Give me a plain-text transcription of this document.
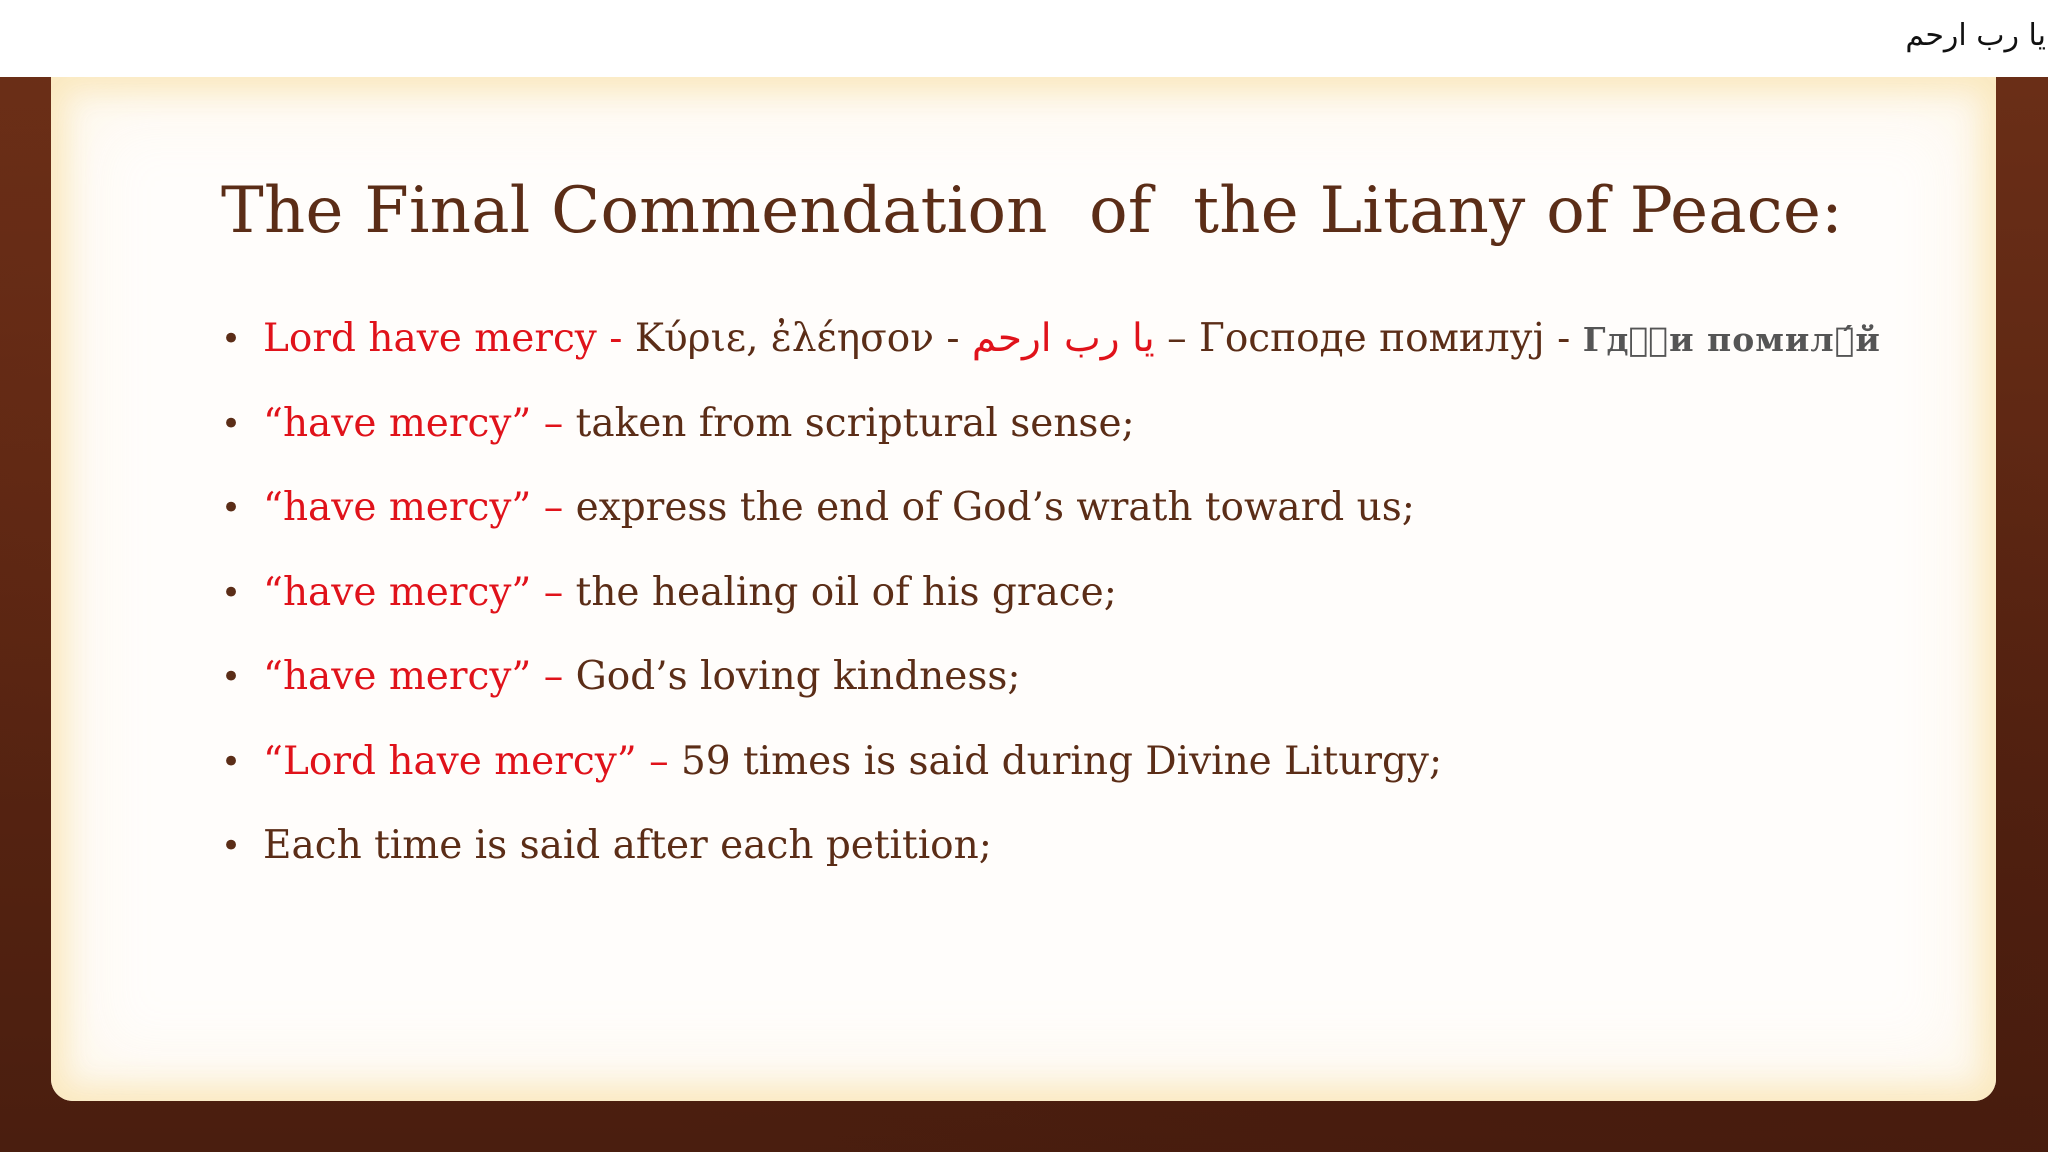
يا رب ارحم
The Final Commendation  of  the Litany of Peace:
• Lord have mercy - Κύριε, ἐλέησον - يا رب ارحم – Господе помилуј - Гдⷭ҇и помилꙋ́й
• “have mercy” – taken from scriptural sense;
• “have mercy” – express the end of God’s wrath toward us;
• “have mercy” – the healing oil of his grace;
• “have mercy” – God’s loving kindness;
• “Lord have mercy” – 59 times is said during Divine Liturgy;
• Each time is said after each petition;
